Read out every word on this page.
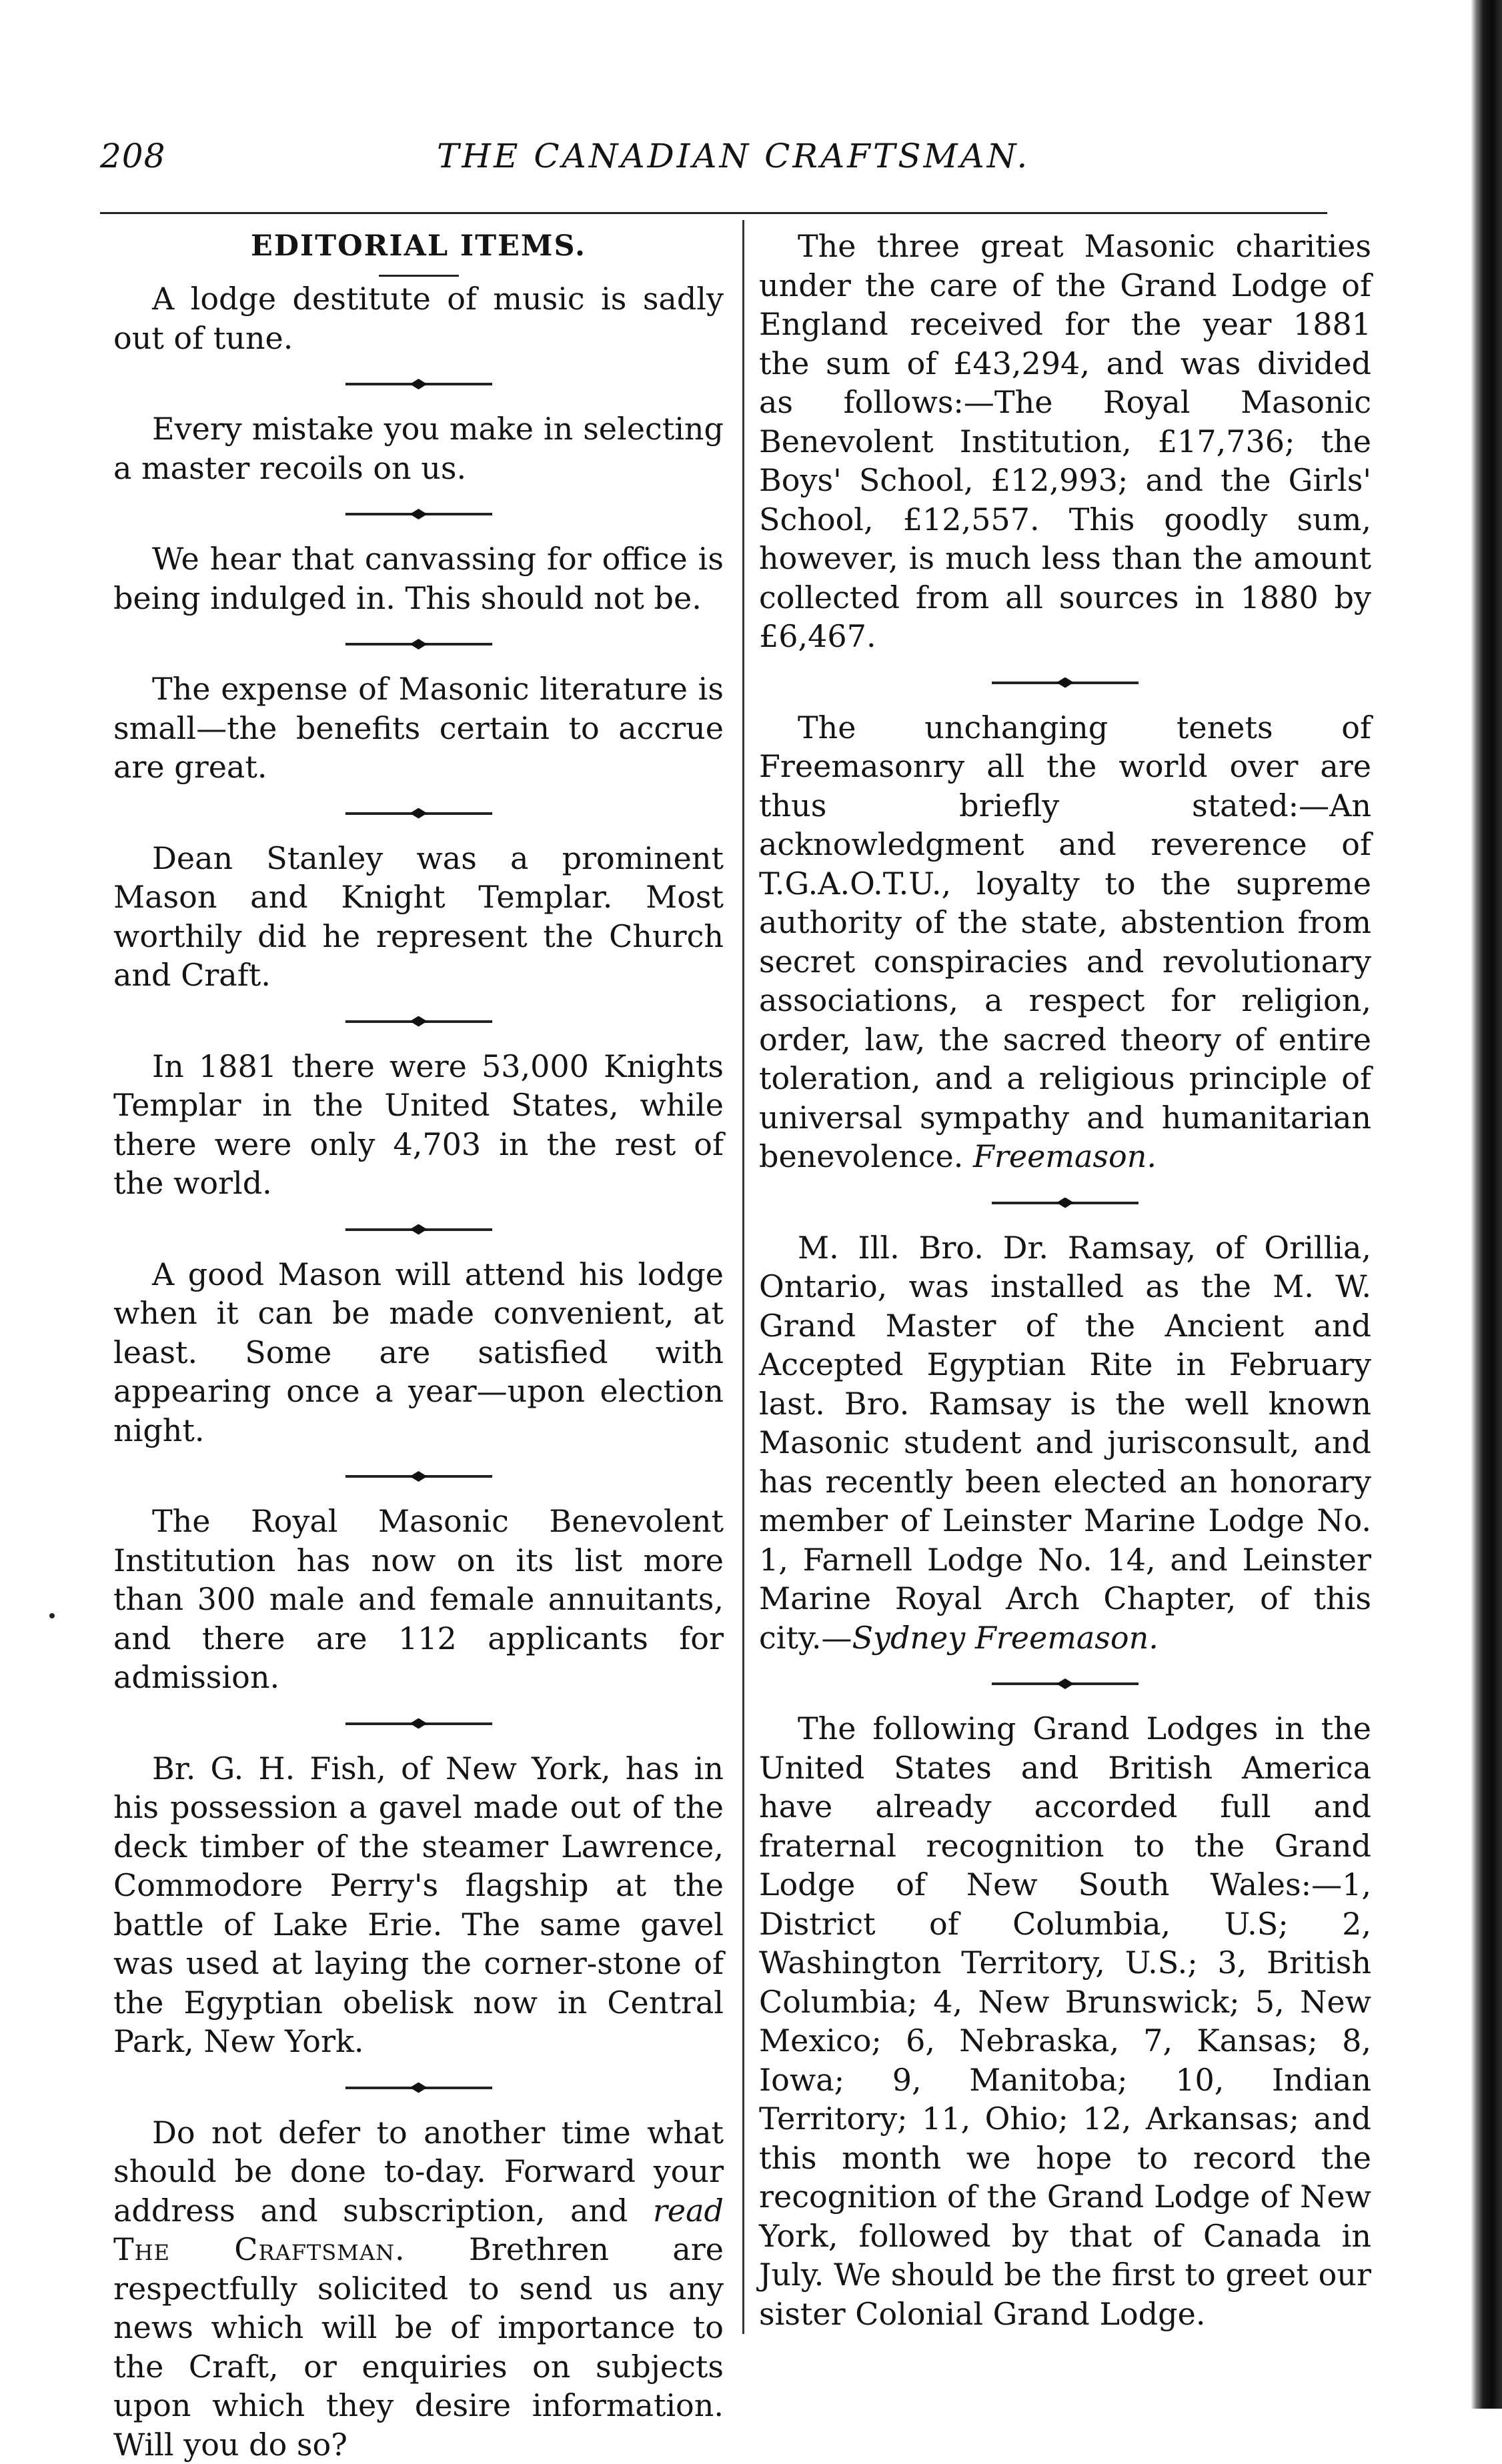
208	THE CANADIAN CRAFTSMAN.
EDITORIAL ITEMS.

A lodge destitute of music is sadly out of tune.

Every mistake you make in selecting a master recoils on us.

We hear that canvassing for office is being indulged in. This should not be.

The expense of Masonic literature is small—the benefits certain to accrue are great.

Dean Stanley was a prominent Mason and Knight Templar. Most worthily did he represent the Church and Craft.

In 1881 there were 53,000 Knights Templar in the United States, while there were only 4,703 in the rest of the world.

A good Mason will attend his lodge when it can be made convenient, at least. Some are satisfied with appearing once a year—upon election night.

The Royal Masonic Benevolent Institution has now on its list more than 300 male and female annuitants, and there are 112 applicants for admission.

Br. G. H. Fish, of New York, has in his possession a gavel made out of the deck timber of the steamer Lawrence, Commodore Perry's flagship at the battle of Lake Erie. The same gavel was used at laying the corner-stone of the Egyptian obelisk now in Central Park, New York.

Do not defer to another time what should be done to-day. Forward your address and subscription, and read The Craftsman. Brethren are respectfully solicited to send us any news which will be of importance to the Craft, or enquiries on subjects upon which they desire information. Will you do so?

The three great Masonic charities under the care of the Grand Lodge of England received for the year 1881 the sum of £43,294, and was divided as follows:—The Royal Masonic Benevolent Institution, £17,736; the Boys' School, £12,993; and the Girls' School, £12,557. This goodly sum, however, is much less than the amount collected from all sources in 1880 by £6,467.

The unchanging tenets of Freemasonry all the world over are thus briefly stated:—An acknowledgment and reverence of T.G.A.O.T.U., loyalty to the supreme authority of the state, abstention from secret conspiracies and revolutionary associations, a respect for religion, order, law, the sacred theory of entire toleration, and a religious principle of universal sympathy and humanitarian benevolence. Freemason.

M. Ill. Bro. Dr. Ramsay, of Orillia, Ontario, was installed as the M. W. Grand Master of the Ancient and Accepted Egyptian Rite in February last. Bro. Ramsay is the well known Masonic student and jurisconsult, and has recently been elected an honorary member of Leinster Marine Lodge No. 1, Farnell Lodge No. 14, and Leinster Marine Royal Arch Chapter, of this city.—Sydney Freemason.

The following Grand Lodges in the United States and British America have already accorded full and fraternal recognition to the Grand Lodge of New South Wales:—1, District of Columbia, U.S; 2, Washington Territory, U.S.; 3, British Columbia; 4, New Brunswick; 5, New Mexico; 6, Nebraska, 7, Kansas; 8, Iowa; 9, Manitoba; 10, Indian Territory; 11, Ohio; 12, Arkansas; and this month we hope to record the recognition of the Grand Lodge of New York, followed by that of Canada in July. We should be the first to greet our sister Colonial Grand Lodge.
